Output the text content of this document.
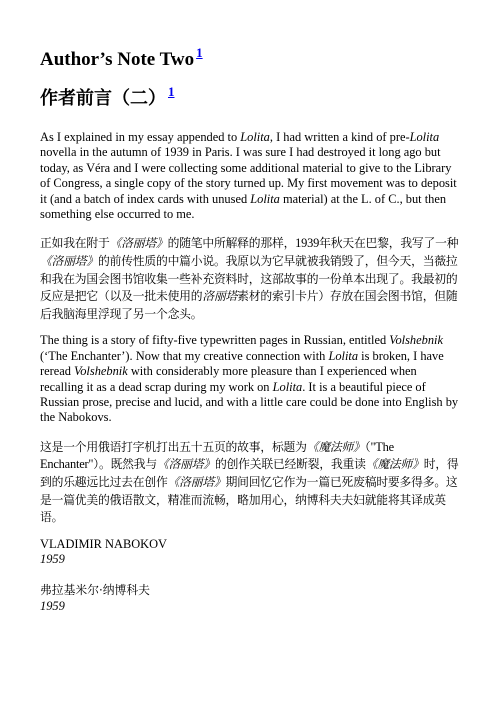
Author’s Note Two $^1$
作者前言（二） $^1$

As I explained in my essay appended to Lolita, I had written a kind of pre-Lolita novella in the autumn of 1939 in Paris. I was sure I had destroyed it long ago but today, as Véra and I were collecting some additional material to give to the Library of Congress, a single copy of the story turned up. My first movement was to deposit it (and a batch of index cards with unused Lolita material) at the L. of C., but then something else occurred to me.

正如我在附于《洛丽塔》的随笔中所解释的那样，1939年秋天在巴黎，我写了一种《洛丽塔》的前传性质的中篇小说。我原以为它早就被我销毁了，但今天，当薇拉和我在为国会图书馆收集一些补充资料时，这部故事的一份单本出现了。我最初的反应是把它（以及一批未使用的洛丽塔素材的索引卡片）存放在国会图书馆，但随后我脑海里浮现了另一个念头。

The thing is a story of fifty-five typewritten pages in Russian, entitled Volshebnik (‘The Enchanter’). Now that my creative connection with Lolita is broken, I have reread Volshebnik with considerably more pleasure than I experienced when recalling it as a dead scrap during my work on Lolita. It is a beautiful piece of Russian prose, precise and lucid, and with a little care could be done into English by the Nabokovs.

这是一个用俄语打字机打出五十五页的故事，标题为《魔法师》（"The Enchanter"）。既然我与《洛丽塔》的创作关联已经断裂，我重读《魔法师》时，得到的乐趣远比过去在创作《洛丽塔》期间回忆它作为一篇已死废稿时要多得多。这是一篇优美的俄语散文，精准而流畅，略加用心，纳博科夫夫妇就能将其译成英语。

VLADIMIR NABOKOV
1959
弗拉基米尔·纳博科夫
1959
